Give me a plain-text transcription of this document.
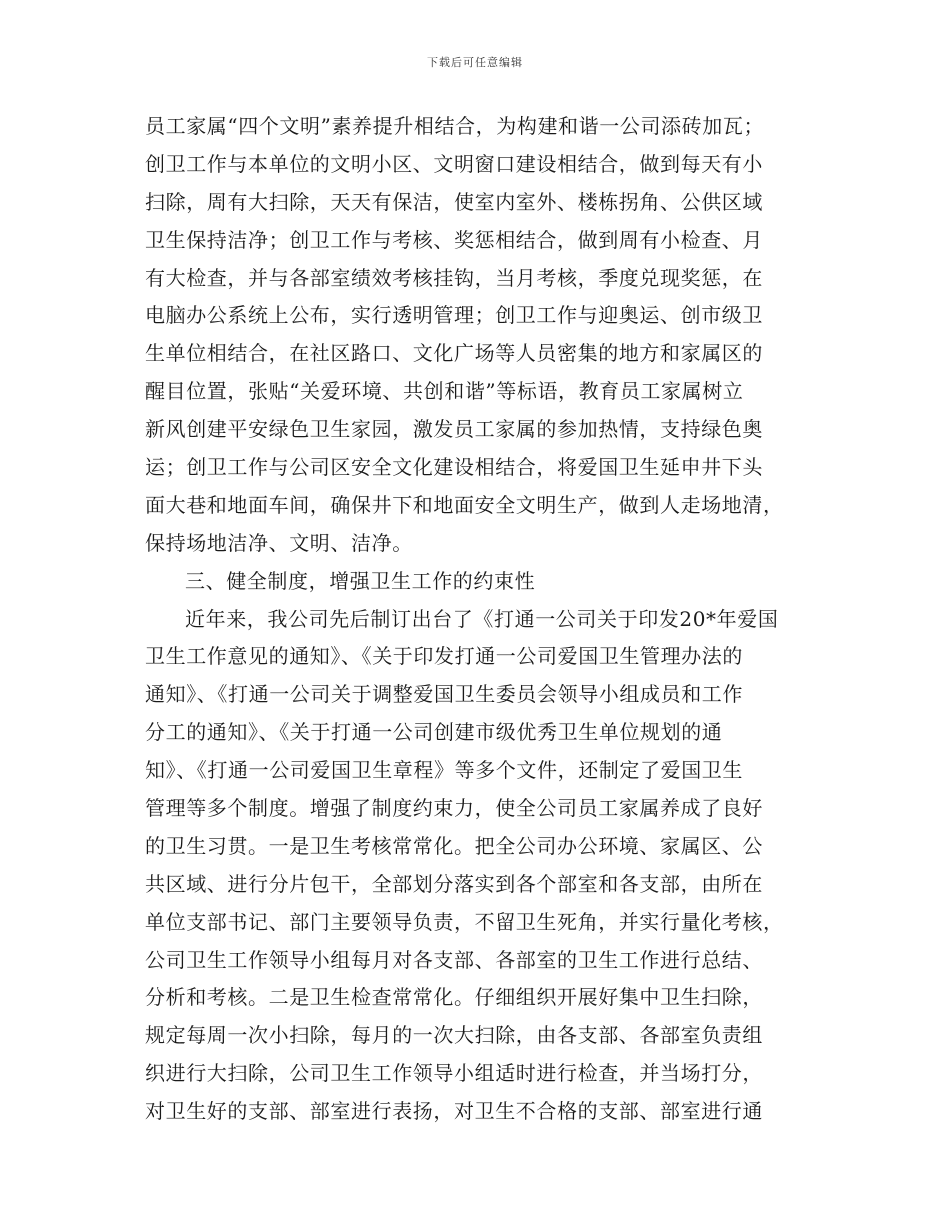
下载后可任意编辑
员工家属“四个文明”素养提升相结合，为构建和谐一公司添砖加瓦；
创卫工作与本单位的文明小区、文明窗口建设相结合，做到每天有小
扫除，周有大扫除，天天有保洁，使室内室外、楼栋拐角、公供区域
卫生保持洁净；创卫工作与考核、奖惩相结合，做到周有小检查、月
有大检查，并与各部室绩效考核挂钩，当月考核，季度兑现奖惩，在
电脑办公系统上公布，实行透明管理；创卫工作与迎奥运、创市级卫
生单位相结合，在社区路口、文化广场等人员密集的地方和家属区的
醒目位置，张贴“关爱环境、共创和谐”等标语，教育员工家属树立
新风创建平安绿色卫生家园，激发员工家属的参加热情，支持绿色奥
运；创卫工作与公司区安全文化建设相结合，将爱国卫生延申井下头
面大巷和地面车间，确保井下和地面安全文明生产，做到人走场地清，
保持场地洁净、文明、洁净。
三、健全制度，增强卫生工作的约束性
近年来，我公司先后制订出台了《打通一公司关于印发20*年爱国
卫生工作意见的通知》、《关于印发打通一公司爱国卫生管理办法的
通知》、《打通一公司关于调整爱国卫生委员会领导小组成员和工作
分工的通知》、《关于打通一公司创建市级优秀卫生单位规划的通
知》、《打通一公司爱国卫生章程》等多个文件，还制定了爱国卫生
管理等多个制度。增强了制度约束力，使全公司员工家属养成了良好
的卫生习贯。一是卫生考核常常化。把全公司办公环境、家属区、公
共区域、进行分片包干，全部划分落实到各个部室和各支部，由所在
单位支部书记、部门主要领导负责，不留卫生死角，并实行量化考核，
公司卫生工作领导小组每月对各支部、各部室的卫生工作进行总结、
分析和考核。二是卫生检查常常化。仔细组织开展好集中卫生扫除，
规定每周一次小扫除，每月的一次大扫除，由各支部、各部室负责组
织进行大扫除，公司卫生工作领导小组适时进行检查，并当场打分，
对卫生好的支部、部室进行表扬，对卫生不合格的支部、部室进行通
